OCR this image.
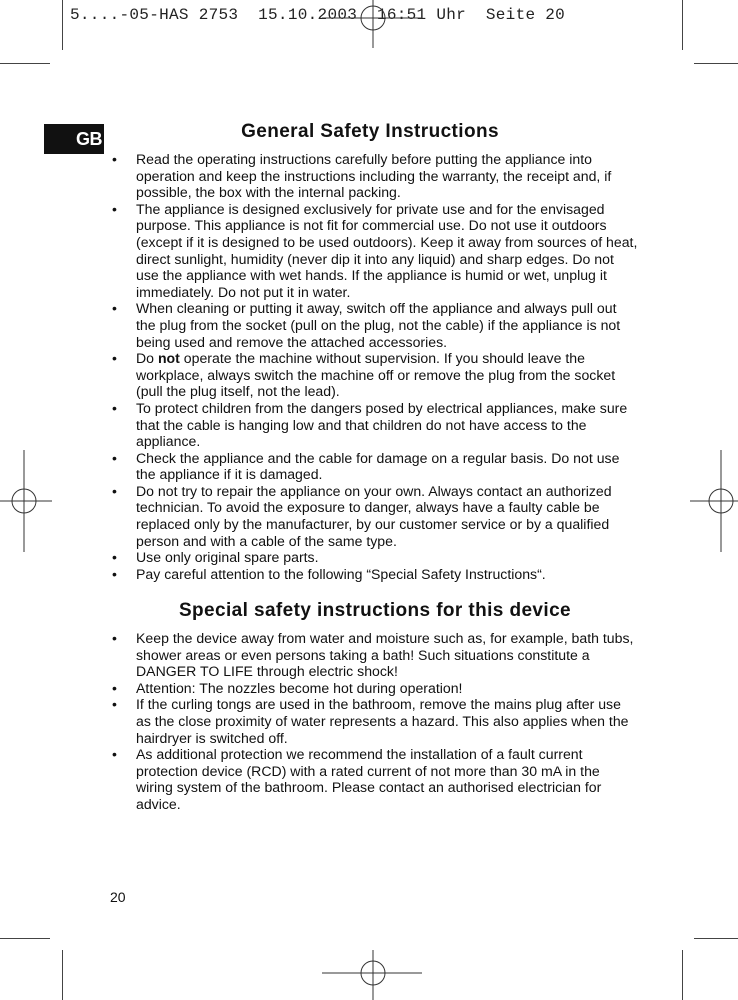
5....-05-HAS 2753  15.10.2003  16:51 Uhr  Seite 20
GB	General Safety Instructions
• Read the operating instructions carefully before putting the appliance into operation and keep the instructions including the warranty, the receipt and, if possible, the box with the internal packing.
• The appliance is designed exclusively for private use and for the envisaged purpose. This appliance is not fit for commercial use. Do not use it outdoors (except if it is designed to be used outdoors). Keep it away from sources of heat, direct sunlight, humidity (never dip it into any liquid) and sharp edges. Do not use the appliance with wet hands. If the appliance is humid or wet, unplug it immediately. Do not put it in water.
• When cleaning or putting it away, switch off the appliance and always pull out the plug from the socket (pull on the plug, not the cable) if the appliance is not being used and remove the attached accessories.
• Do not operate the machine without supervision. If you should leave the workplace, always switch the machine off or remove the plug from the socket (pull the plug itself, not the lead).
• To protect children from the dangers posed by electrical appliances, make sure that the cable is hanging low and that children do not have access to the appliance.
• Check the appliance and the cable for damage on a regular basis. Do not use the appliance if it is damaged.
• Do not try to repair the appliance on your own. Always contact an authorized technician. To avoid the exposure to danger, always have a faulty cable be replaced only by the manufacturer, by our customer service or by a qualified person and with a cable of the same type.
• Use only original spare parts.
• Pay careful attention to the following “Special Safety Instructions“.
Special safety instructions for this device
• Keep the device away from water and moisture such as, for example, bath tubs, shower areas or even persons taking a bath! Such situations constitute a DANGER TO LIFE through electric shock!
• Attention: The nozzles become hot during operation!
• If the curling tongs are used in the bathroom, remove the mains plug after use as the close proximity of water represents a hazard. This also applies when the hairdryer is switched off.
• As additional protection we recommend the installation of a fault current protection device (RCD) with a rated current of not more than 30 mA in the wiring system of the bathroom. Please contact an authorised electrician for advice.
20
